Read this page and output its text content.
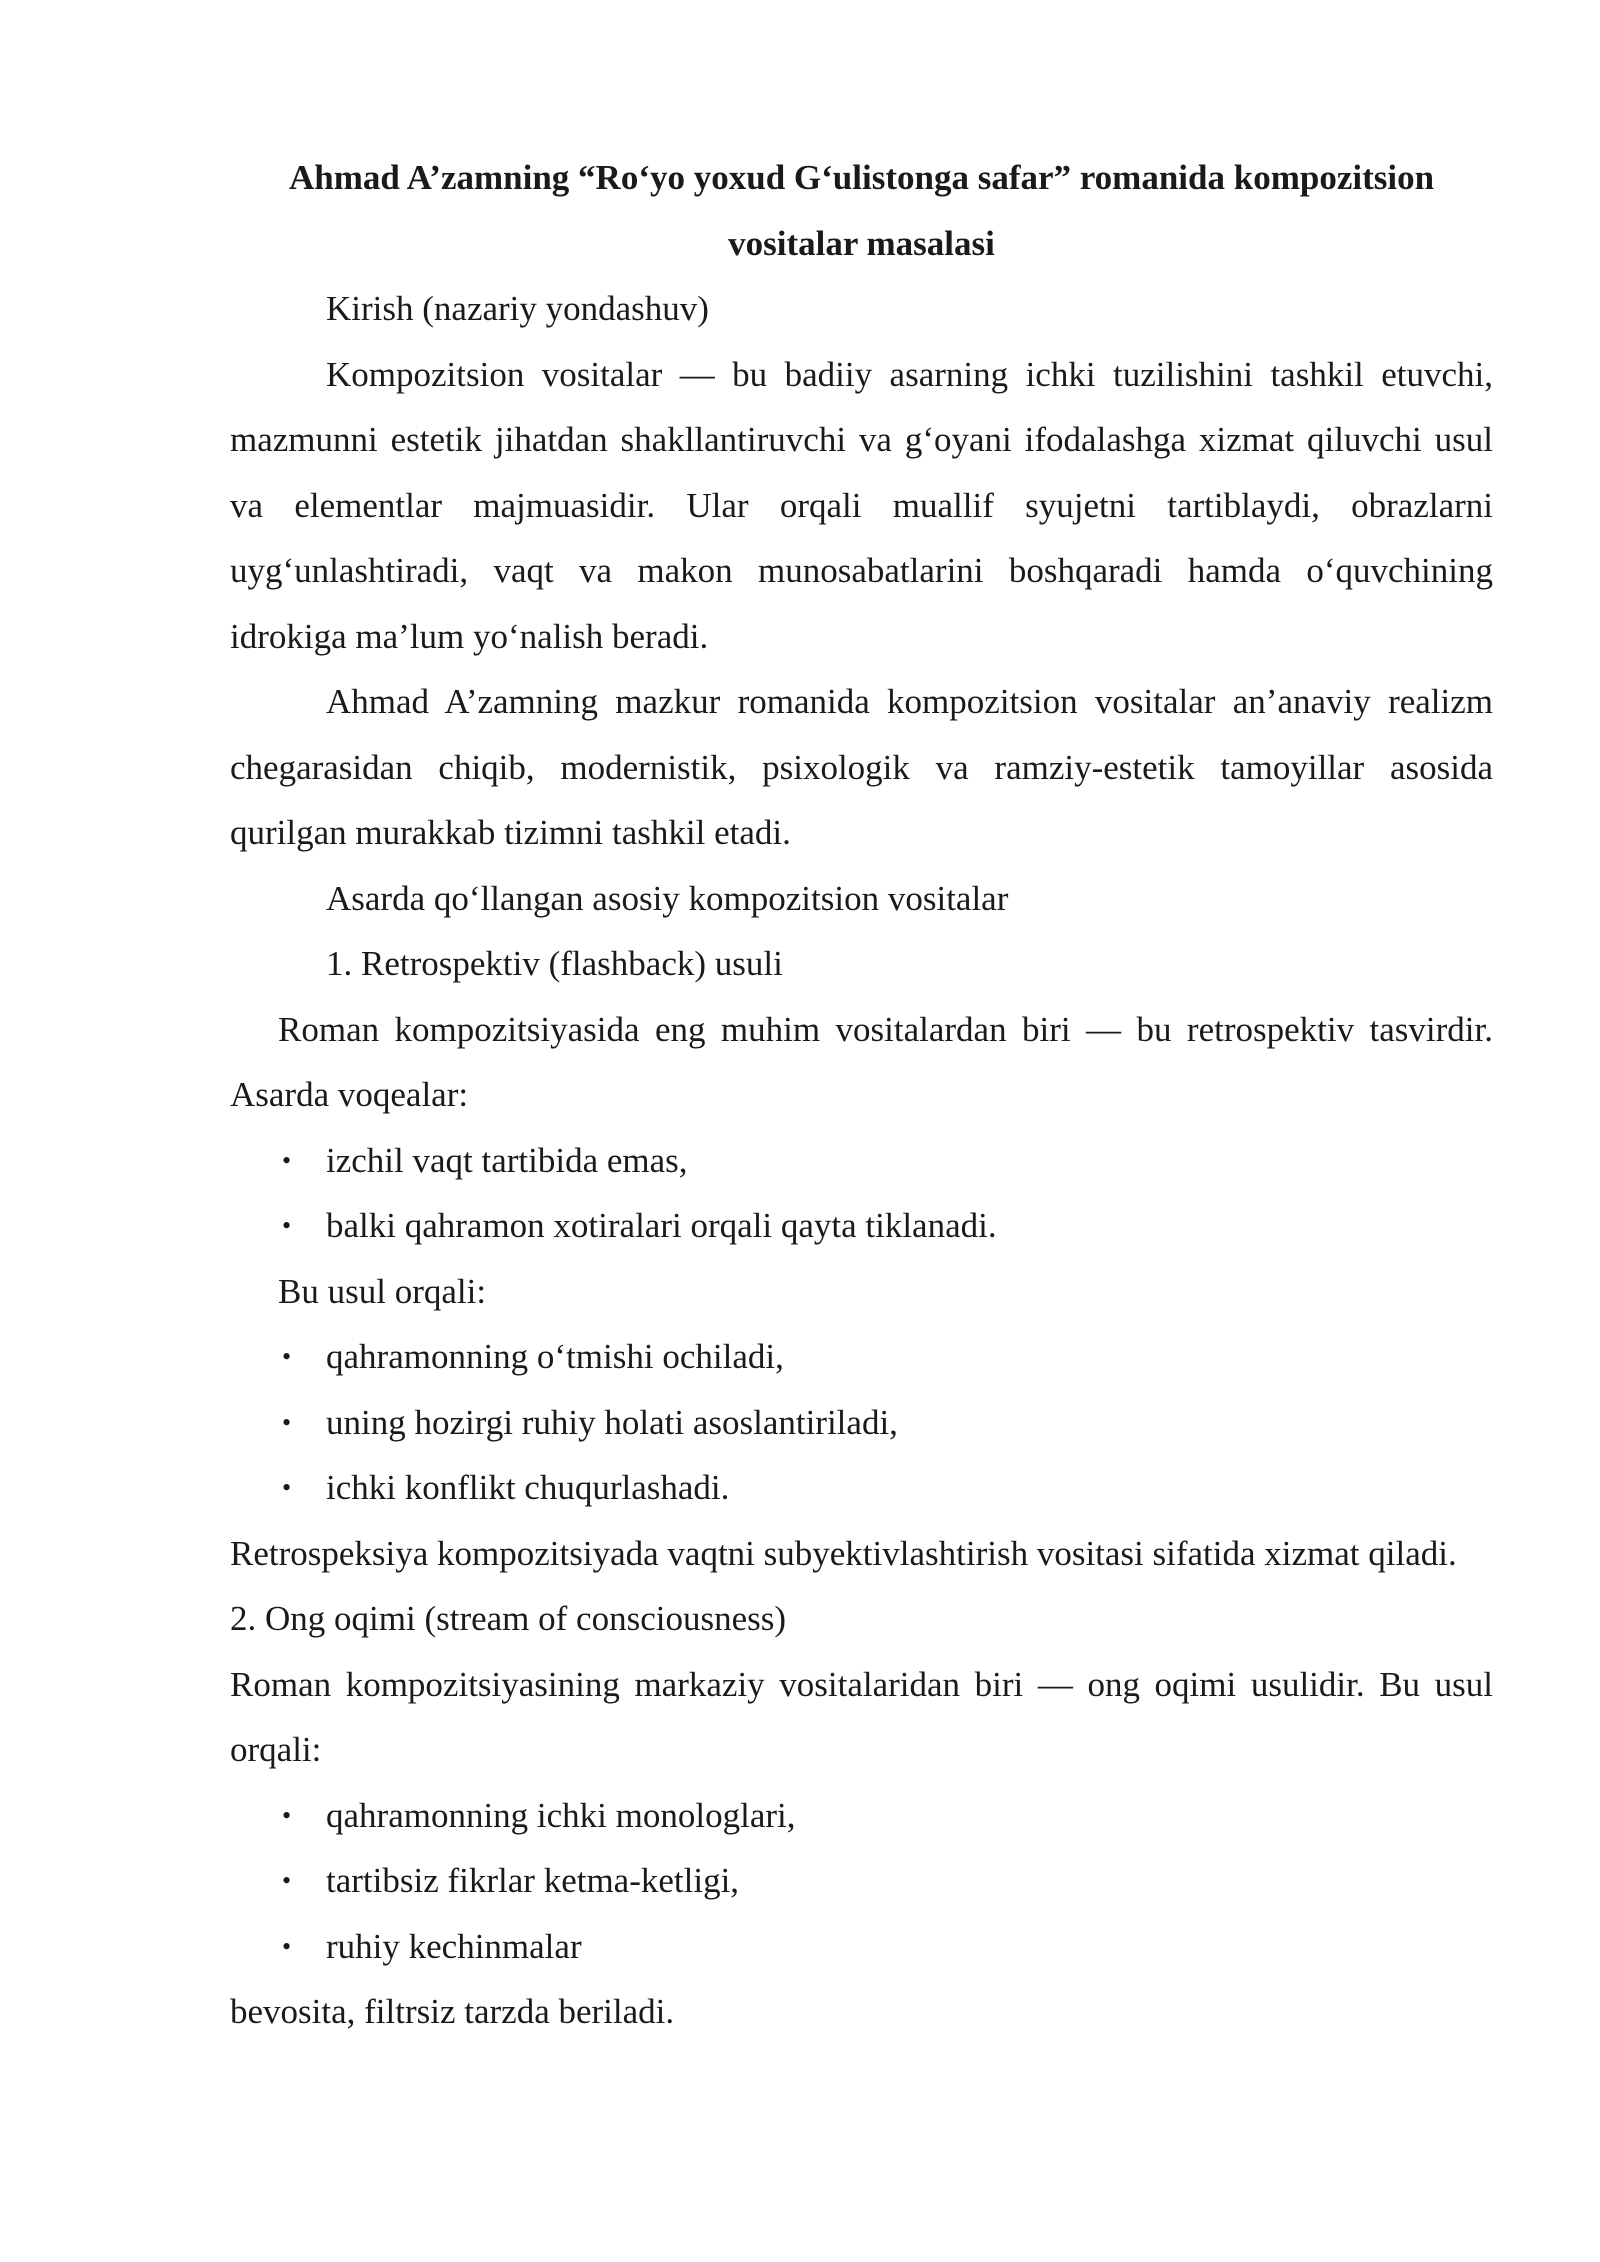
Ahmad A’zamning “Ro‘yo yoxud G‘ulistonga safar” romanida kompozitsion vositalar masalasi

Kirish (nazariy yondashuv)

Kompozitsion vositalar — bu badiiy asarning ichki tuzilishini tashkil etuvchi, mazmunni estetik jihatdan shakllantiruvchi va g‘oyani ifodalashga xizmat qiluvchi usul va elementlar majmuasidir. Ular orqali muallif syujetni tartiblaydi, obrazlarni uyg‘unlashtiradi, vaqt va makon munosabatlarini boshqaradi hamda o‘quvchining idrokiga ma’lum yo‘nalish beradi.

Ahmad A’zamning mazkur romanida kompozitsion vositalar an’anaviy realizm chegarasidan chiqib, modernistik, psixologik va ramziy-estetik tamoyillar asosida qurilgan murakkab tizimni tashkil etadi.

Asarda qo‘llangan asosiy kompozitsion vositalar

1. Retrospektiv (flashback) usuli

Roman kompozitsiyasida eng muhim vositalardan biri — bu retrospektiv tasvirdir. Asarda voqealar:

• izchil vaqt tartibida emas,
• balki qahramon xotiralari orqali qayta tiklanadi.

Bu usul orqali:

• qahramonning o‘tmishi ochiladi,
• uning hozirgi ruhiy holati asoslantiriladi,
• ichki konflikt chuqurlashadi.

Retrospeksiya kompozitsiyada vaqtni subyektivlashtirish vositasi sifatida xizmat qiladi.

2. Ong oqimi (stream of consciousness)

Roman kompozitsiyasining markaziy vositalaridan biri — ong oqimi usulidir. Bu usul orqali:

• qahramonning ichki monologlari,
• tartibsiz fikrlar ketma-ketligi,
• ruhiy kechinmalar

bevosita, filtrsiz tarzda beriladi.
